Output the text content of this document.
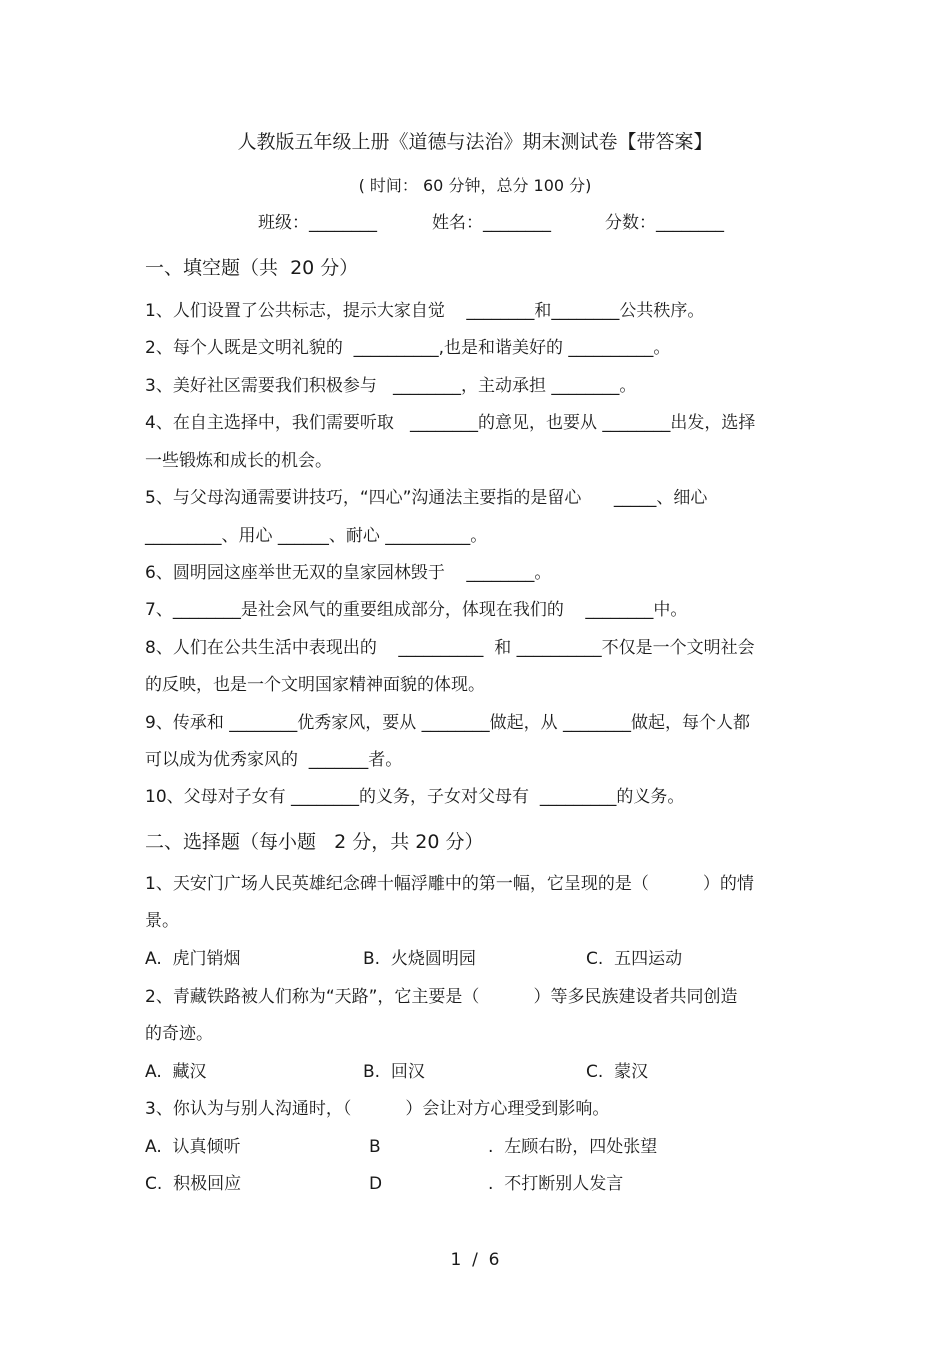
人教版五年级上册《道德与法治》期末测试卷【带答案】
( 时间： 60 分钟，总分 100 分)
班级：________	姓名：________	分数：________
一、填空题（共  20 分）
1、人们设置了公共标志，提示大家自觉    ________和________公共秩序。
2、每个人既是文明礼貌的  __________,也是和谐美好的 __________。
3、美好社区需要我们积极参与   ________，主动承担 ________。
4、在自主选择中，我们需要听取   ________的意见，也要从 ________出发，选择
一些锻炼和成长的机会。
5、与父母沟通需要讲技巧，“四心”沟通法主要指的是留心      _____、细心
_________、用心 ______、耐心 __________。
6、圆明园这座举世无双的皇家园林毁于    ________。
7、________是社会风气的重要组成部分，体现在我们的    ________中。
8、人们在公共生活中表现出的    __________  和 __________不仅是一个文明社会
的反映，也是一个文明国家精神面貌的体现。
9、传承和 ________优秀家风，要从 ________做起，从 ________做起，每个人都
可以成为优秀家风的  _______者。
10、父母对子女有 ________的义务，子女对父母有  _________的义务。
二、选择题（每小题   2 分，共 20 分）
1、天安门广场人民英雄纪念碑十幅浮雕中的第一幅，它呈现的是（          ）的情
景。
A.  虎门销烟	B.  火烧圆明园	C.  五四运动
2、青藏铁路被人们称为“天路”，它主要是（          ）等多民族建设者共同创造
的奇迹。
A.  藏汉	B.  回汉	C.  蒙汉
3、你认为与别人沟通时，（          ）会让对方心理受到影响。
A.  认真倾听	B	.  左顾右盼，四处张望
C.  积极回应	D	.  不打断别人发言
1  /  6
